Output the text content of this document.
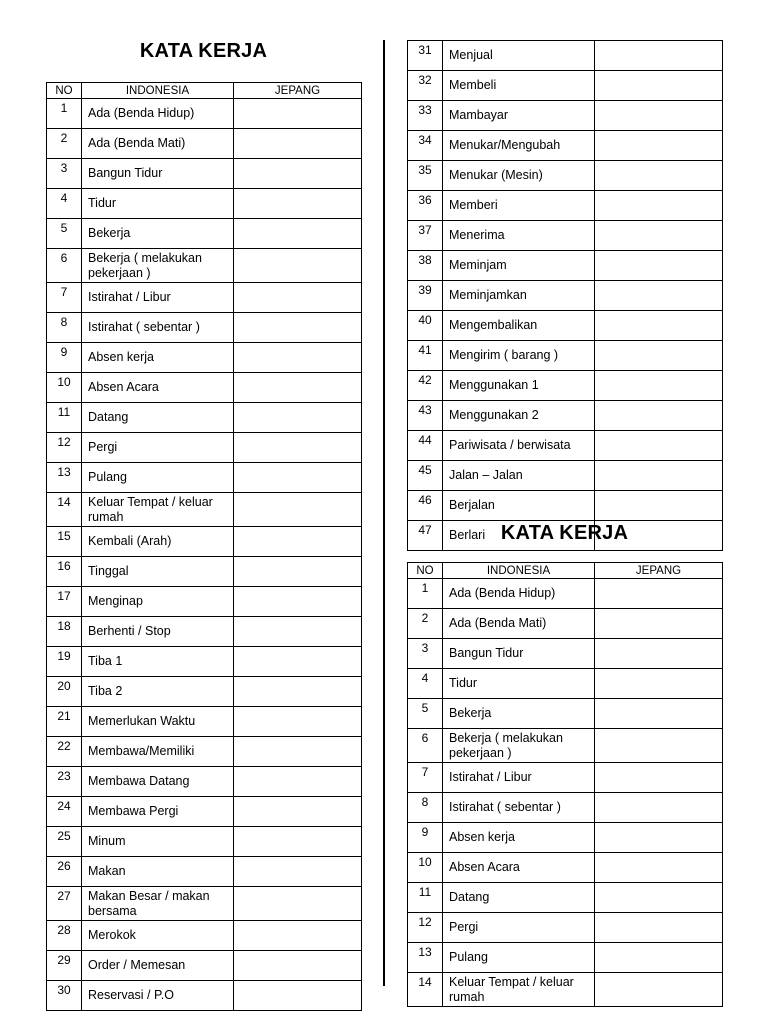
KATA KERJA
NO	INDONESIA	JEPANG
1	Ada (Benda Hidup)	
2	Ada (Benda Mati)	
3	Bangun Tidur	
4	Tidur	
5	Bekerja	
6	Bekerja ( melakukan pekerjaan )	
7	Istirahat / Libur	
8	Istirahat ( sebentar )	
9	Absen kerja	
10	Absen Acara	
11	Datang	
12	Pergi	
13	Pulang	
14	Keluar Tempat / keluar rumah	
15	Kembali (Arah)	
16	Tinggal	
17	Menginap	
18	Berhenti / Stop	
19	Tiba 1	
20	Tiba 2	
21	Memerlukan Waktu	
22	Membawa/Memiliki	
23	Membawa Datang	
24	Membawa Pergi	
25	Minum	
26	Makan	
27	Makan Besar / makan bersama	
28	Merokok	
29	Order / Memesan	
30	Reservasi / P.O	
31	Menjual	
32	Membeli	
33	Mambayar	
34	Menukar/Mengubah	
35	Menukar (Mesin)	
36	Memberi	
37	Menerima	
38	Meminjam	
39	Meminjamkan	
40	Mengembalikan	
41	Mengirim ( barang )	
42	Menggunakan 1	
43	Menggunakan 2	
44	Pariwisata / berwisata	
45	Jalan – Jalan	
46	Berjalan	
47	Berlari	KATA KERJA
NO	INDONESIA	JEPANG
1	Ada (Benda Hidup)	
2	Ada (Benda Mati)	
3	Bangun Tidur	
4	Tidur	
5	Bekerja	
6	Bekerja ( melakukan pekerjaan )	
7	Istirahat / Libur	
8	Istirahat ( sebentar )	
9	Absen kerja	
10	Absen Acara	
11	Datang	
12	Pergi	
13	Pulang	
14	Keluar Tempat / keluar rumah	
